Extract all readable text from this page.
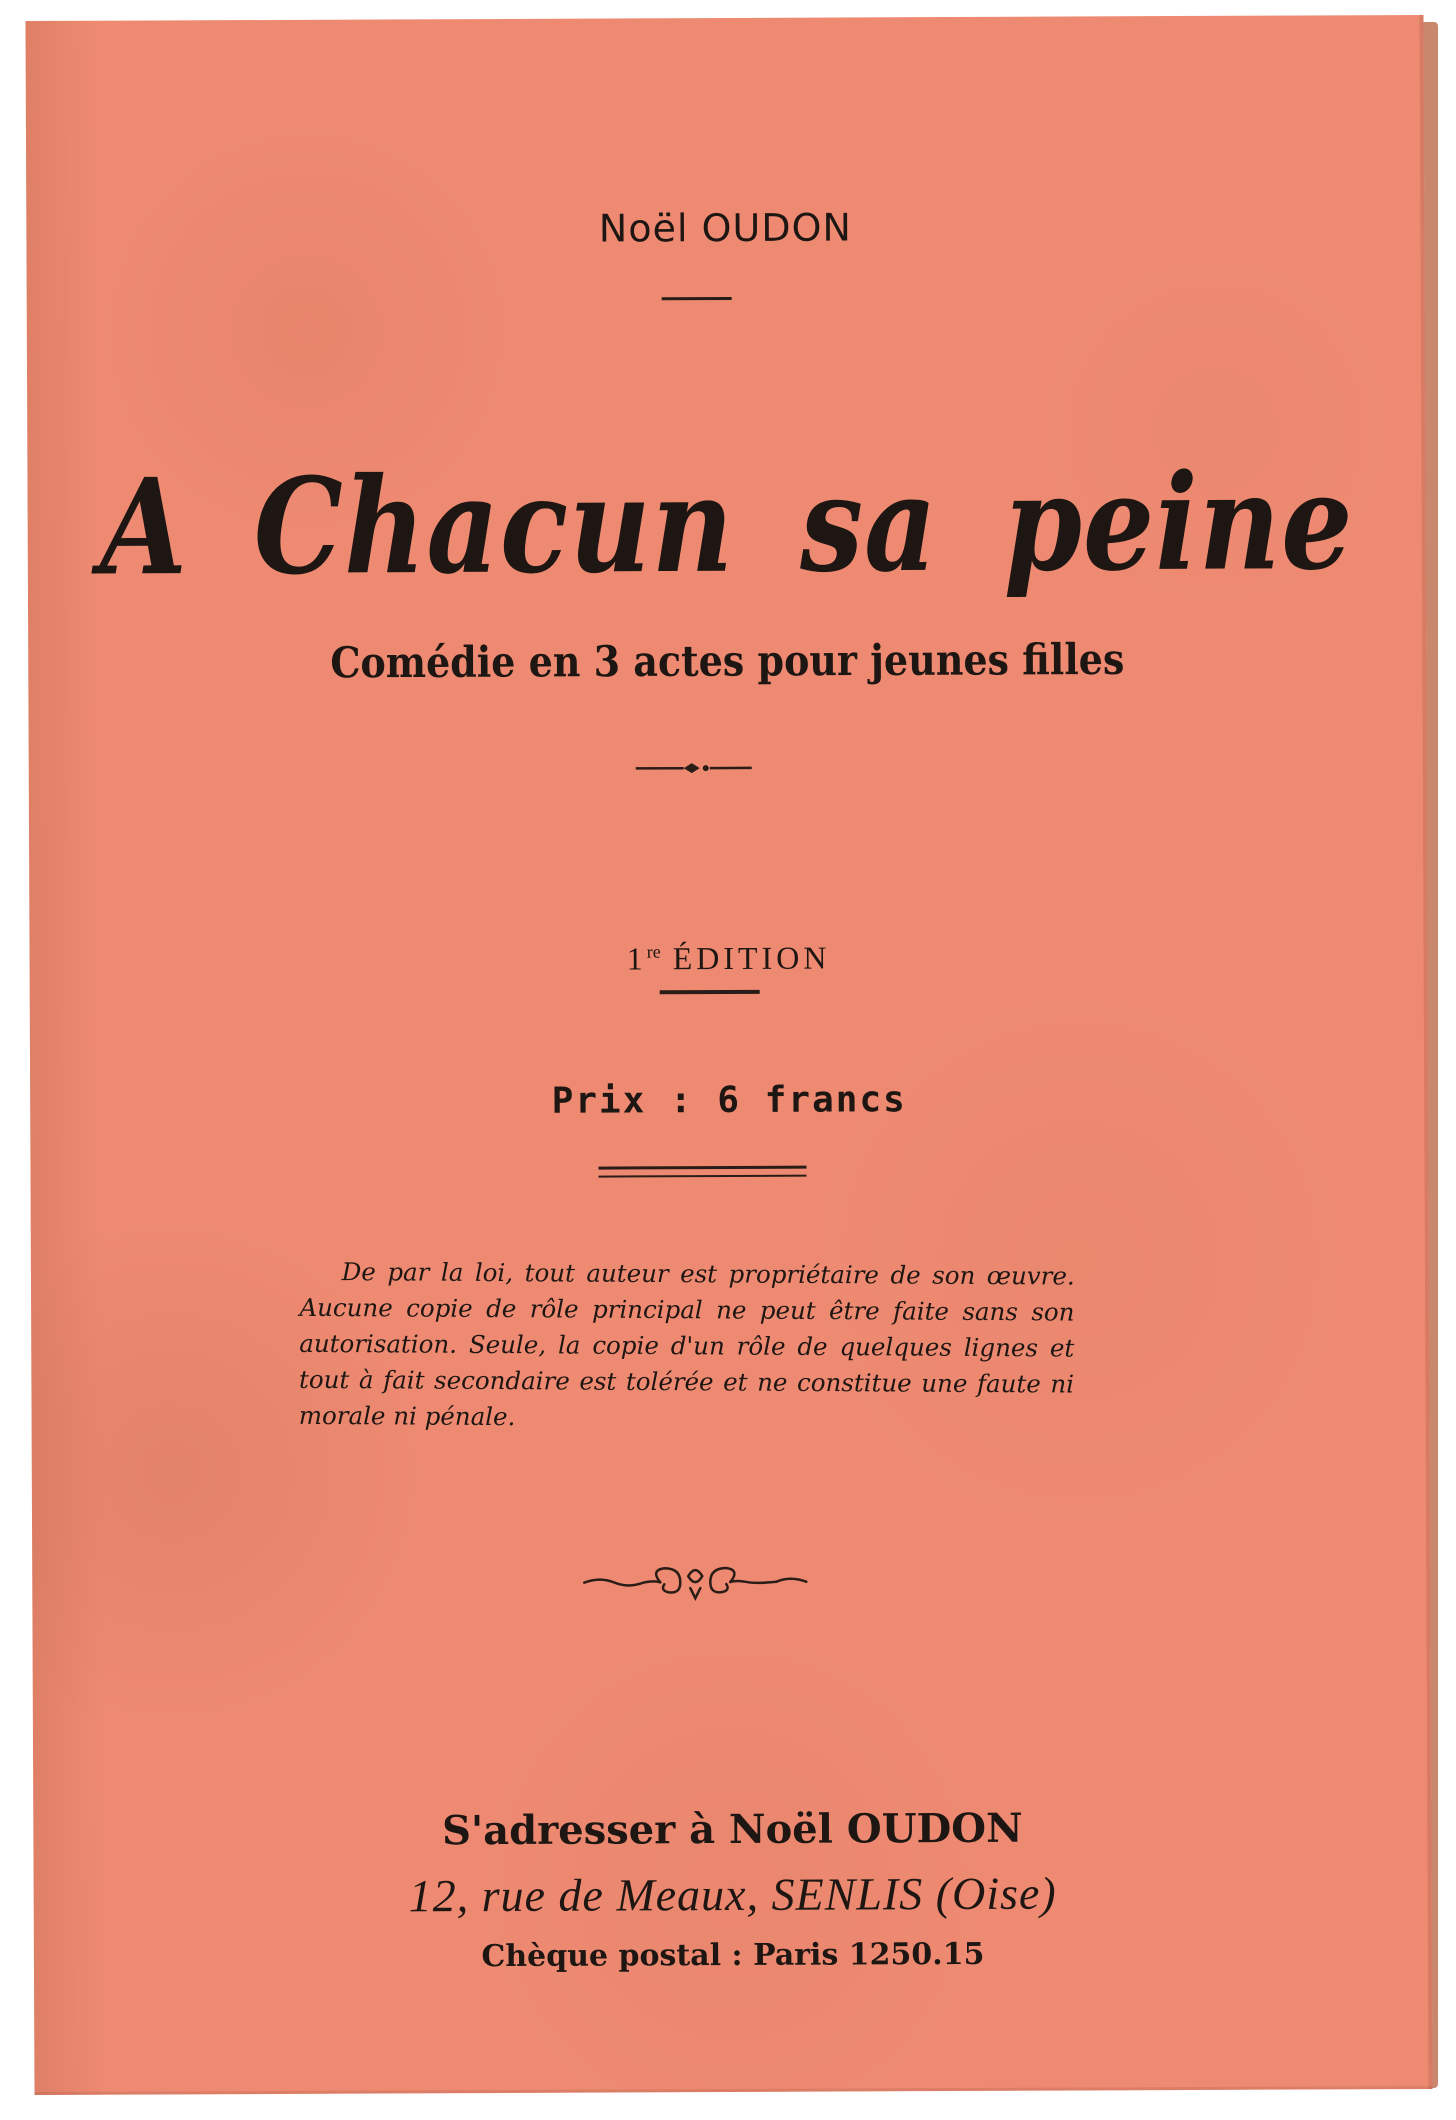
Noël OUDON
A Chacun sa peine
Comédie en 3 actes pour jeunes filles
1re ÉDITION
Prix : 6 francs
De par la loi, tout auteur est propriétaire de son œuvre. Aucune copie de rôle principal ne peut être faite sans son autorisation. Seule, la copie d'un rôle de quelques lignes et tout à fait secondaire est tolérée et ne constitue une faute ni morale ni pénale.
S'adresser à Noël OUDON
12, rue de Meaux, SENLIS (Oise)
Chèque postal : Paris 1250.15
